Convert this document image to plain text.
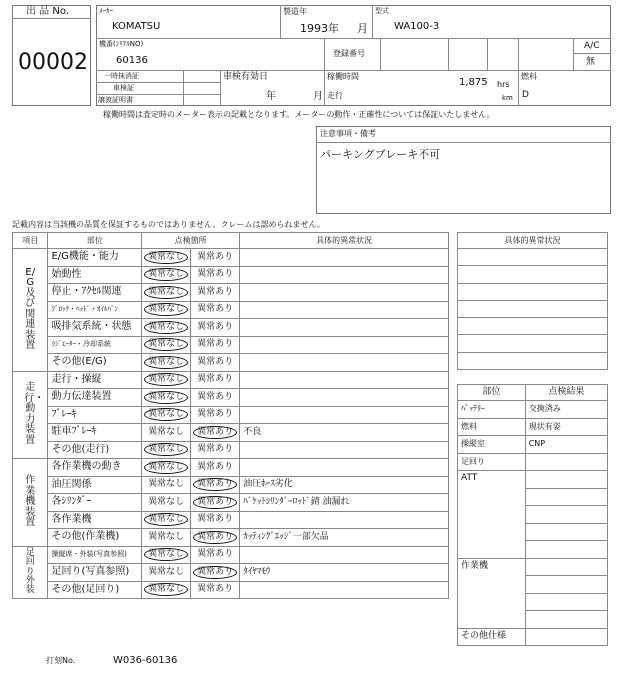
出 品 No.
00002
ﾒｰｶｰ
KOMATSU
製造年
1993 年 月
型式
WA100-3
機番(ｼﾘｱﾙNO)
60136
登録番号
A/C
無
一時抹消証
車検証
譲渡証明書
車検有効日
年	月
稼働時間
1,875 hrs
走行	km
燃料
D
稼働時間は査定時のメーター表示の記載となります。メーターの動作・正確性については保証いたしません。
注意事項・備考
パーキングブレーキ不可
記載内容は当該機の品質を保証するものではありません。クレームは認められません。
項目	部位	点検箇所		具体的異常状況

E/G及び関連装置	E/G機能・能力	異常なし	異常あり	
	始動性	異常なし	異常あり	
	停止・ｱｸｾﾙ関連	異常なし	異常あり	
	ﾌﾞﾛｯｸ・ﾍｯﾄﾞ・ｵｲﾙﾊﾟﾝ	異常なし	異常あり	
	吸排気系統・状態	異常なし	異常あり	
	ﾗｼﾞｴｰﾀｰ・冷却系統	異常なし	異常あり	
	その他(E/G)	異常なし	異常あり	

走行・動力装置	走行・操縦	異常なし	異常あり	
	動力伝達装置	異常なし	異常あり	
	ﾌﾞﾚｰｷ	異常なし	異常あり	
	駐車ﾌﾞﾚｰｷ	異常なし	異常あり	不良
	その他(走行)	異常なし	異常あり	

作業機装置	各作業機の動き	異常なし	異常あり	
	油圧関係	異常なし	異常あり	油圧ﾎｰｽ劣化
	各ｼﾘﾝﾀﾞｰ	異常なし	異常あり	ﾊﾞｹｯﾄｼﾘﾝﾀﾞｰﾛｯﾄﾞ錆 油漏れ
	各作業機	異常なし	異常あり	
	その他(作業機)	異常なし	異常あり	ｶｯﾃｨﾝｸﾞｴｯｼﾞ一部欠品

足回り外装	操縦席・外装(写真参照)	異常なし	異常あり	
	足回り(写真参照)	異常なし	異常あり	ﾀｲﾔﾏﾓｳ
	その他(足回り)	異常なし	異常あり	
具体的異常状況

部位	点検結果
ﾊﾞｯﾃﾘｰ	交換済み
燃料	現状有姿
操縦室	CNP
足回り	
ATT	

作業機	

その他仕様	
打刻No.	W036-60136
